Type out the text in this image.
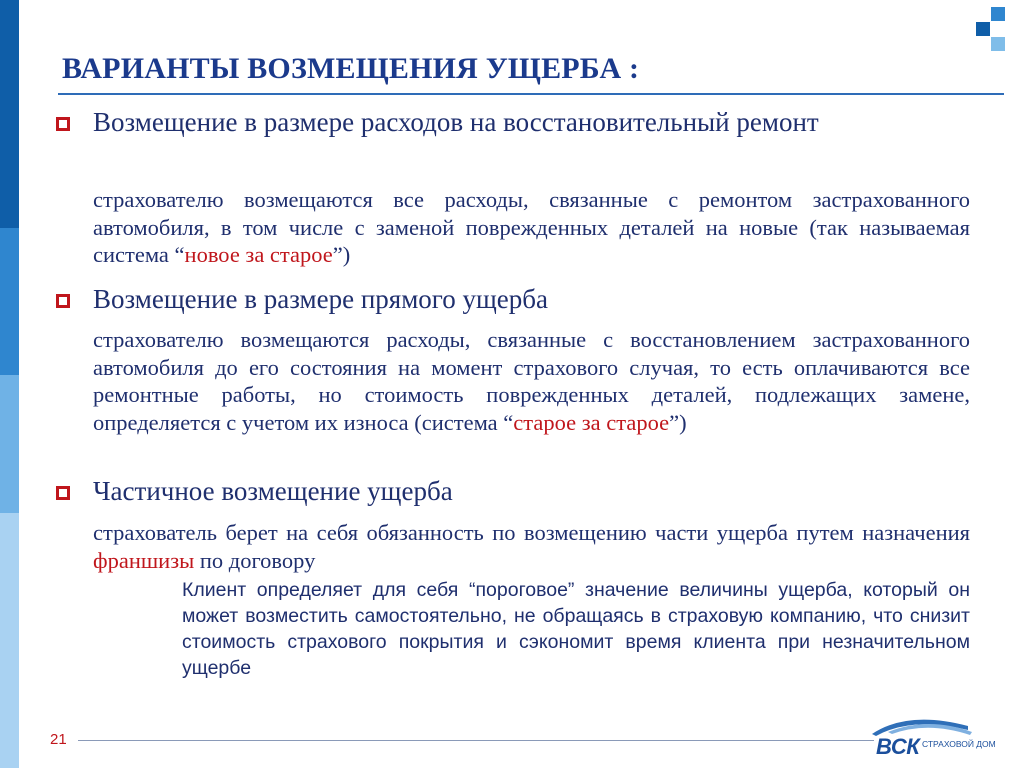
ВАРИАНТЫ ВОЗМЕЩЕНИЯ УЩЕРБА :
Возмещение в размере расходов на восстановительный ремонт
страхователю возмещаются все расходы, связанные с ремонтом застрахованного автомобиля, в том числе с заменой поврежденных деталей на новые (так называемая система “новое за старое”)
Возмещение в размере прямого ущерба
страхователю возмещаются расходы, связанные с восстановлением застрахованного автомобиля до его состояния на момент страхового случая, то есть оплачиваются все ремонтные работы, но стоимость поврежденных деталей, подлежащих замене, определяется с учетом их износа (система “старое за старое”)
Частичное возмещение ущерба
страхователь берет на себя обязанность по возмещению части ущерба путем назначения франшизы по договору
Клиент определяет для себя “пороговое” значение величины ущерба, который он может возместить самостоятельно, не обращаясь в страховую компанию, что снизит стоимость страхового покрытия и сэкономит время клиента при незначительном ущербе
21	ВСК СТРАХОВОЙ ДОМ
